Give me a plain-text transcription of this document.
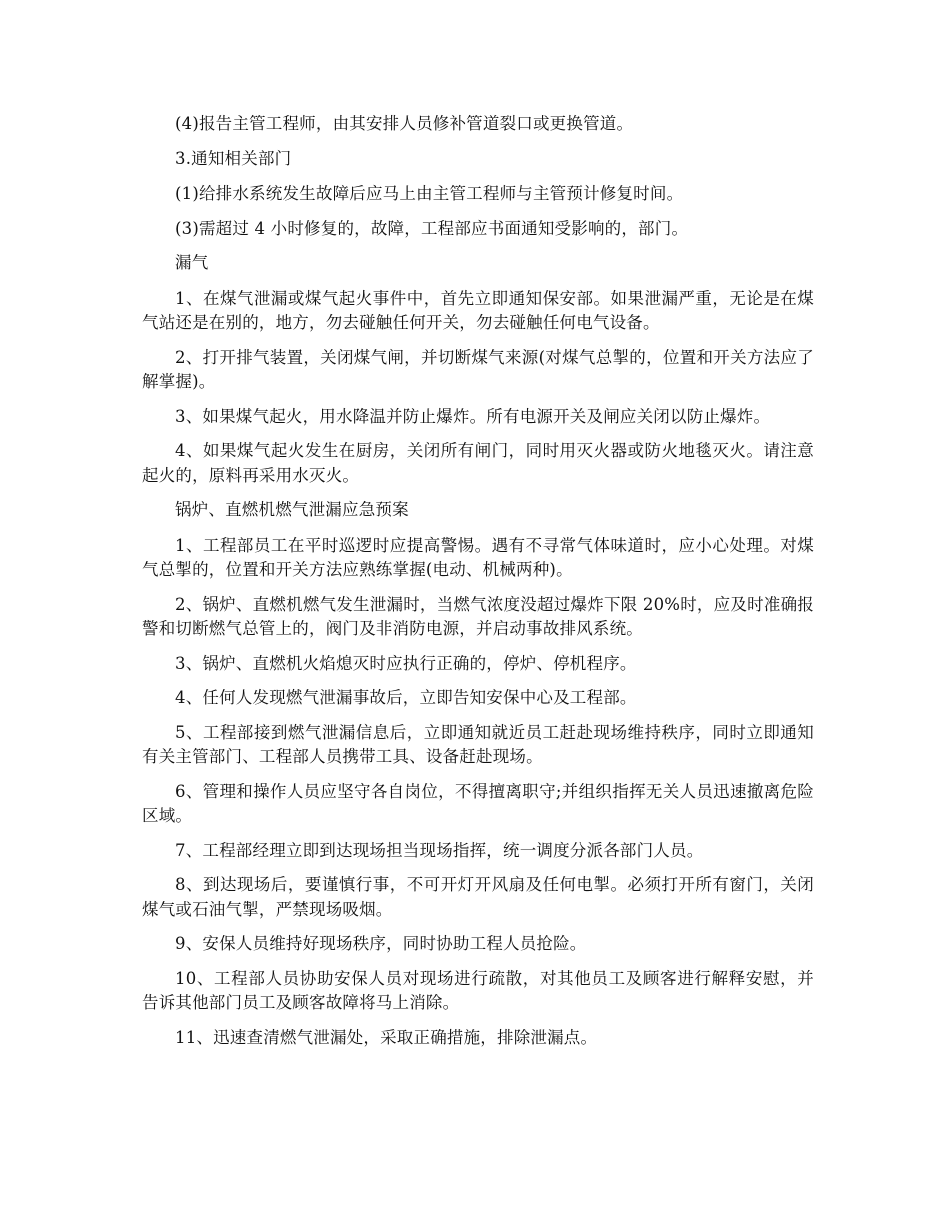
(4)报告主管工程师，由其安排人员修补管道裂口或更换管道。

3.通知相关部门

(1)给排水系统发生故障后应马上由主管工程师与主管预计修复时间。

(3)需超过 4 小时修复的，故障，工程部应书面通知受影响的，部门。

漏气

1、在煤气泄漏或煤气起火事件中，首先立即通知保安部。如果泄漏严重，无论是在煤气站还是在别的，地方，勿去碰触任何开关，勿去碰触任何电气设备。

2、打开排气装置，关闭煤气闸，并切断煤气来源(对煤气总掣的，位置和开关方法应了解掌握)。

3、如果煤气起火，用水降温并防止爆炸。所有电源开关及闸应关闭以防止爆炸。

4、如果煤气起火发生在厨房，关闭所有闸门，同时用灭火器或防火地毯灭火。请注意起火的，原料再采用水灭火。

锅炉、直燃机燃气泄漏应急预案

1、工程部员工在平时巡逻时应提高警惕。遇有不寻常气体味道时，应小心处理。对煤气总掣的，位置和开关方法应熟练掌握(电动、机械两种)。

2、锅炉、直燃机燃气发生泄漏时，当燃气浓度没超过爆炸下限 20%时，应及时准确报警和切断燃气总管上的，阀门及非消防电源，并启动事故排风系统。

3、锅炉、直燃机火焰熄灭时应执行正确的，停炉、停机程序。

4、任何人发现燃气泄漏事故后，立即告知安保中心及工程部。

5、工程部接到燃气泄漏信息后，立即通知就近员工赶赴现场维持秩序，同时立即通知有关主管部门、工程部人员携带工具、设备赶赴现场。

6、管理和操作人员应坚守各自岗位，不得擅离职守;并组织指挥无关人员迅速撤离危险区域。

7、工程部经理立即到达现场担当现场指挥，统一调度分派各部门人员。

8、到达现场后，要谨慎行事，不可开灯开风扇及任何电掣。必须打开所有窗门，关闭煤气或石油气掣，严禁现场吸烟。

9、安保人员维持好现场秩序，同时协助工程人员抢险。

10、工程部人员协助安保人员对现场进行疏散，对其他员工及顾客进行解释安慰，并告诉其他部门员工及顾客故障将马上消除。

11、迅速查清燃气泄漏处，采取正确措施，排除泄漏点。
